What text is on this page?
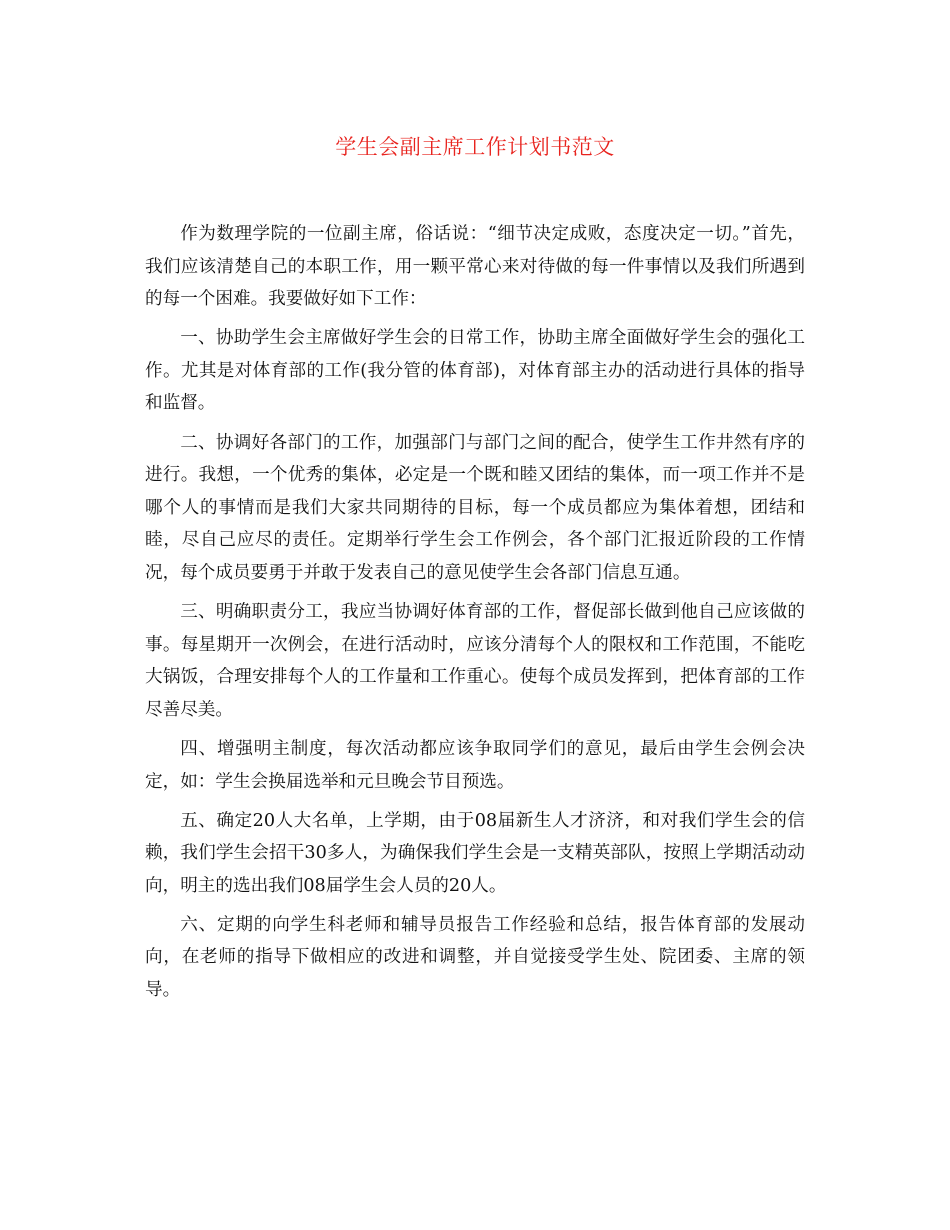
学生会副主席工作计划书范文

作为数理学院的一位副主席，俗话说：“细节决定成败，态度决定一切。”首先，我们应该清楚自己的本职工作，用一颗平常心来对待做的每一件事情以及我们所遇到的每一个困难。我要做好如下工作：

一、协助学生会主席做好学生会的日常工作，协助主席全面做好学生会的强化工作。尤其是对体育部的工作(我分管的体育部)，对体育部主办的活动进行具体的指导和监督。

二、协调好各部门的工作，加强部门与部门之间的配合，使学生工作井然有序的进行。我想，一个优秀的集体，必定是一个既和睦又团结的集体，而一项工作并不是哪个人的事情而是我们大家共同期待的目标，每一个成员都应为集体着想，团结和睦，尽自己应尽的责任。定期举行学生会工作例会，各个部门汇报近阶段的工作情况，每个成员要勇于并敢于发表自己的意见使学生会各部门信息互通。

三、明确职责分工，我应当协调好体育部的工作，督促部长做到他自己应该做的事。每星期开一次例会，在进行活动时，应该分清每个人的限权和工作范围，不能吃大锅饭，合理安排每个人的工作量和工作重心。使每个成员发挥到，把体育部的工作尽善尽美。

四、增强明主制度，每次活动都应该争取同学们的意见，最后由学生会例会决定，如：学生会换届选举和元旦晚会节目预选。

五、确定20人大名单，上学期，由于08届新生人才济济，和对我们学生会的信赖，我们学生会招干30多人，为确保我们学生会是一支精英部队，按照上学期活动动向，明主的选出我们08届学生会人员的20人。

六、定期的向学生科老师和辅导员报告工作经验和总结，报告体育部的发展动向，在老师的指导下做相应的改进和调整，并自觉接受学生处、院团委、主席的领导。
